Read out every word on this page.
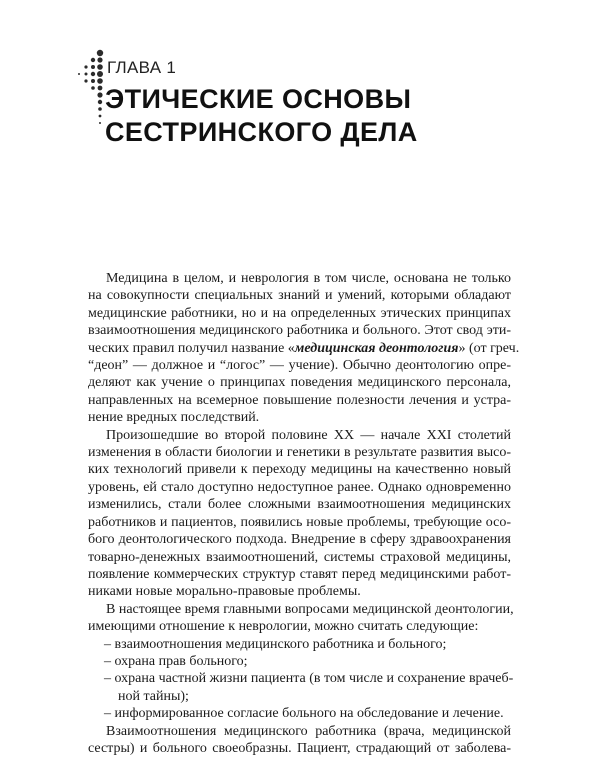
ГЛАВА 1
ЭТИЧЕСКИЕ ОСНОВЫ
СЕСТРИНСКОГО ДЕЛА
Медицина в целом, и неврология в том числе, основана не только
на совокупности специальных знаний и умений, которыми обладают
медицинские работники, но и на определенных этических принципах
взаимоотношения медицинского работника и больного. Этот свод эти-
ческих правил получил название «медицинская деонтология» (от греч.
“деон” — должное и “логос” — учение). Обычно деонтологию опре-
деляют как учение о принципах поведения медицинского персонала,
направленных на всемерное повышение полезности лечения и устра-
нение вредных последствий.
Произошедшие во второй половине XX — начале XXI столетий
изменения в области биологии и генетики в результате развития высо-
ких технологий привели к переходу медицины на качественно новый
уровень, ей стало доступно недоступное ранее. Однако одновременно
изменились, стали более сложными взаимоотношения медицинских
работников и пациентов, появились новые проблемы, требующие осо-
бого деонтологического подхода. Внедрение в сферу здравоохранения
товарно-денежных взаимоотношений, системы страховой медицины,
появление коммерческих структур ставят перед медицинскими работ-
никами новые морально-правовые проблемы.
В настоящее время главными вопросами медицинской деонтологии,
имеющими отношение к неврологии, можно считать следующие:
– взаимоотношения медицинского работника и больного;
– охрана прав больного;
– охрана частной жизни пациента (в том числе и сохранение врачеб-
ной тайны);
– информированное согласие больного на обследование и лечение.
Взаимоотношения медицинского работника (врача, медицинской
сестры) и больного своеобразны. Пациент, страдающий от заболева-
